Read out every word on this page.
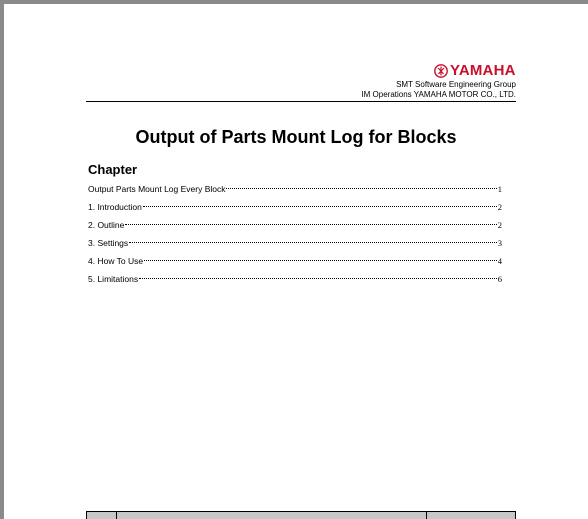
YAMAHA
SMT Software Engineering Group
IM Operations YAMAHA MOTOR CO., LTD.
Output of Parts Mount Log for Blocks
Chapter
Output Parts Mount Log Every Block	1
1. Introduction	2
2. Outline	2
3. Settings	3
4. How To Use	4
5. Limitations	6
